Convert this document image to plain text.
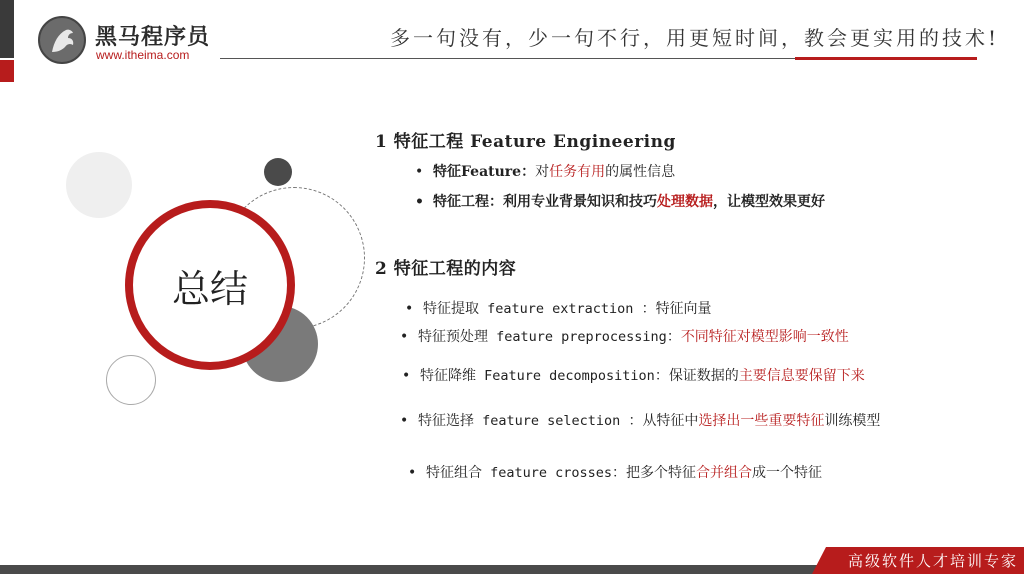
黑马程序员
www.itheima.com
多一句没有，少一句不行，用更短时间，教会更实用的技术!
总结
1 特征工程 Feature Engineering
• 特征Feature：对任务有用的属性信息
• 特征工程：利用专业背景知识和技巧处理数据，让模型效果更好
2 特征工程的内容
• 特征提取 feature extraction ：特征向量
• 特征预处理 feature preprocessing：不同特征对模型影响一致性
• 特征降维 Feature decomposition：保证数据的主要信息要保留下来
• 特征选择 feature selection ：从特征中选择出一些重要特征训练模型
• 特征组合 feature crosses：把多个特征合并组合成一个特征
高级软件人才培训专家
